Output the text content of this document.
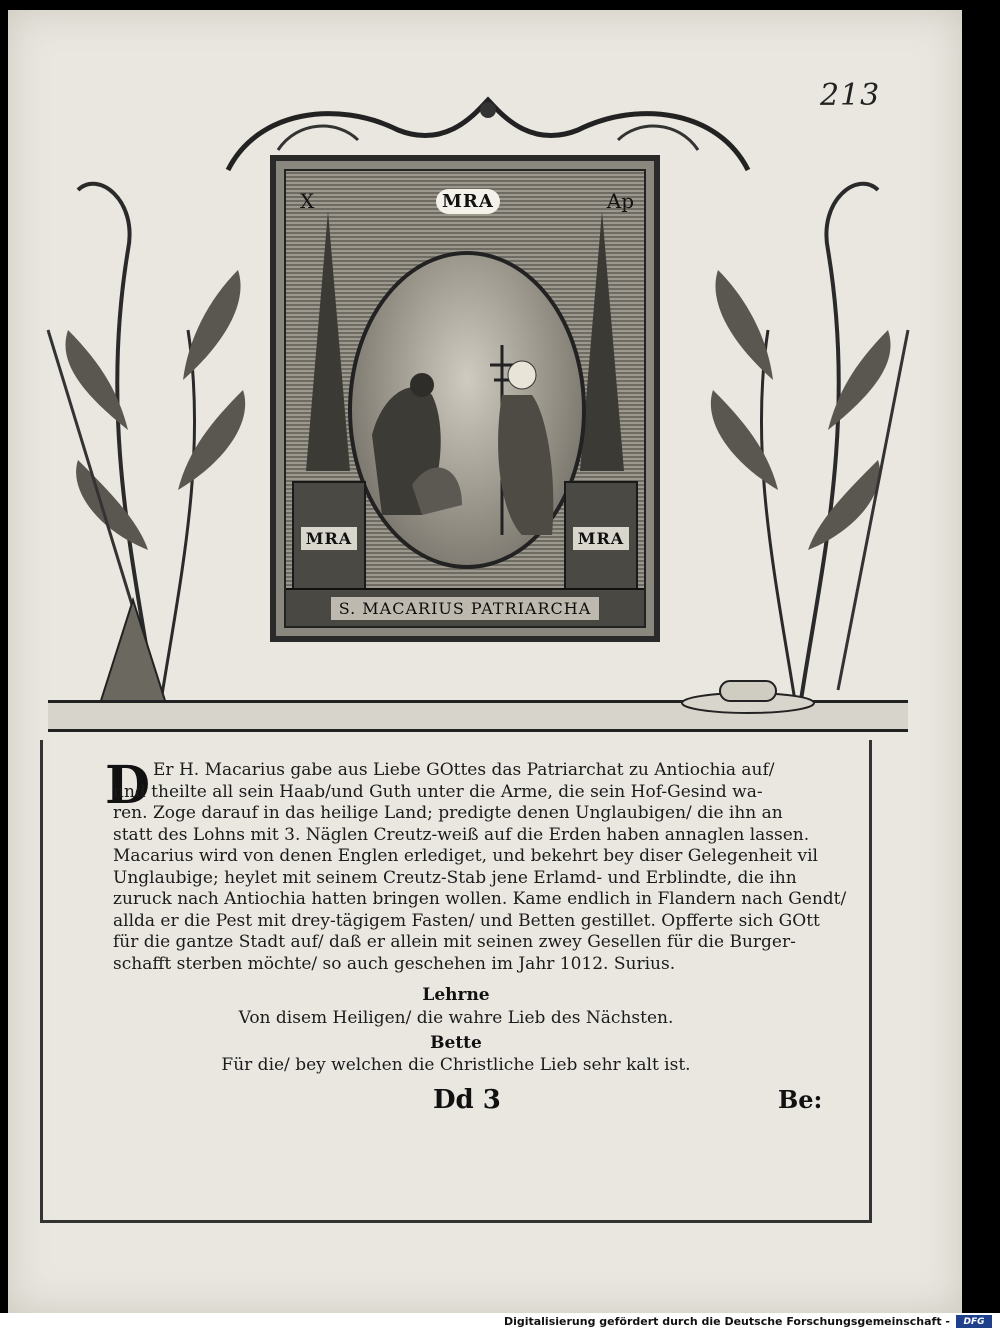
213
X	Ap
MRA
MRA	MRA
S. MACARIUS PATRIARCHA
D Er H. Macarius gabe aus Liebe GOttes das Patriarchat zu Antiochia auf/
und theilte all sein Haab/und Guth unter die Arme, die sein Hof-Gesind wa-
ren. Zoge darauf in das heilige Land; predigte denen Unglaubigen/ die ihn an
statt des Lohns mit 3. Näglen Creutz-weiß auf die Erden haben annaglen lassen.
Macarius wird von denen Englen erlediget, und bekehrt bey diser Gelegenheit vil
Unglaubige; heylet mit seinem Creutz-Stab jene Erlamd- und Erblindte, die ihn
zuruck nach Antiochia hatten bringen wollen. Kame endlich in Flandern nach Gendt/
allda er die Pest mit drey-tägigem Fasten/ und Betten gestillet. Opfferte sich GOtt
für die gantze Stadt auf/ daß er allein mit seinen zwey Gesellen für die Burger-
schafft sterben möchte/ so auch geschehen im Jahr 1012. Surius.
Lehrne
Von disem Heiligen/ die wahre Lieb des Nächsten.
Bette
Für die/ bey welchen die Christliche Lieb sehr kalt ist.
Dd 3	Be:
Digitalisierung gefördert durch die Deutsche Forschungsgemeinschaft -	DFG
